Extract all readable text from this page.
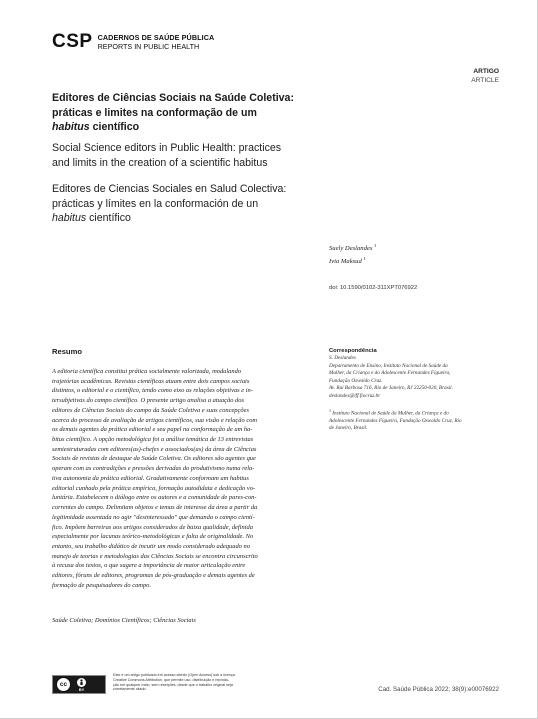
CSP CADERNOS DE SAÚDE PÚBLICA
REPORTS IN PUBLIC HEALTH
ARTIGO
ARTICLE
Editores de Ciências Sociais na Saúde Coletiva:
práticas e limites na conformação de um
habitus científico
Social Science editors in Public Health: practices
and limits in the creation of a scientific habitus
Editores de Ciencias Sociales en Salud Colectiva:
prácticas y límites en la conformación de un
habitus científico
Suely Deslandes $^1$
Ivia Maksud $^1$
doi: 10.1590/0102-311XPT076922
Resumo
A editoria científica constitui prática socialmente valorizada, modulando
trajetórias acadêmicas. Revistas científicas atuam entre dois campos sociais
distintos, o editorial e o científico, tendo como eixo as relações objetivas e in-
tersubjetivas do campo científico. O presente artigo analisa a atuação dos
editores de Ciências Sociais do campo da Saúde Coletiva e suas concepções
acerca do processo de avaliação de artigos científicos, sua visão e relação com
os demais agentes da prática editorial e seu papel na conformação de um ha-
bitus científico. A opção metodológica foi a análise temática de 13 entrevistas
semiestruturadas com editores(as)-chefes e associados(as) da área de Ciências
Sociais de revistas de destaque da Saúde Coletiva. Os editores são agentes que
operam com as contradições e pressões derivadas do produtivismo numa rela-
tiva autonomia da prática editorial. Gradativamente conformam um habitus
editorial cunhado pela prática empírica, formação autodidata e dedicação vo-
luntária. Estabelecem o diálogo entre os autores e a comunidade de pares-con-
correntes do campo. Delimitam objetos e temas de interesse da área a partir da
legitimidade assentada no agir "desinteressado" que demanda o campo cientí-
fico. Impõem barreiras aos artigos considerados de baixa qualidade, definida
especialmente por lacunas teórico-metodológicas e falta de originalidade. No
entanto, seu trabalho didático de incutir um modo considerado adequado no
manejo de teorias e metodologias das Ciências Sociais se encontra circunscrito
à recusa dos textos, o que sugere a importância de maior articulação entre
editores, fóruns de editores, programas de pós-graduação e demais agentes de
formação de pesquisadores do campo.
Saúde Coletiva; Domínios Científicos; Ciências Sociais
Correspondência
S. Deslandes
Departamento de Ensino, Instituto Nacional de Saúde da
Mulher, da Criança e do Adolescente Fernandes Figueira,
Fundação Oswaldo Cruz.
Av. Rui Barbosa 716, Rio de Janeiro, RJ 22250-020, Brasil.
deslandes@iff.fiocruz.br
$^1$ Instituto Nacional de Saúde da Mulher, da Criança e do
Adolescente Fernandes Figueira, Fundação Oswaldo Cruz, Rio
de Janeiro, Brasil.
cc
BY
Este é um artigo publicado em acesso aberto (Open Access) sob a licença
Creative Commons Attribution, que permite uso, distribuição e reprodu-
ção em qualquer meio, sem restrições, desde que o trabalho original seja
corretamente citado.	Cad. Saúde Pública 2022; 38(9):e00076922
